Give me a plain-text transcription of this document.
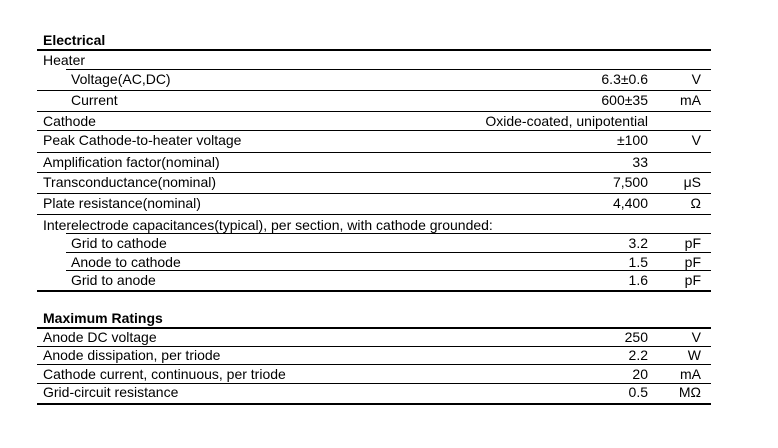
Electrical
Heater
Voltage(AC,DC)	6.3±0.6	V
Current	600±35	mA
Cathode	Oxide-coated, unipotential
Peak Cathode-to-heater voltage	±100	V
Amplification factor(nominal)	33
Transconductance(nominal)	7,500	μS
Plate resistance(nominal)	4,400	Ω
Interelectrode capacitances(typical), per section, with cathode grounded:
Grid to cathode	3.2	pF
Anode to cathode	1.5	pF
Grid to anode	1.6	pF
Maximum Ratings
Anode DC voltage	250	V
Anode dissipation, per triode	2.2	W
Cathode current, continuous, per triode	20	mA
Grid-circuit resistance	0.5	MΩ
